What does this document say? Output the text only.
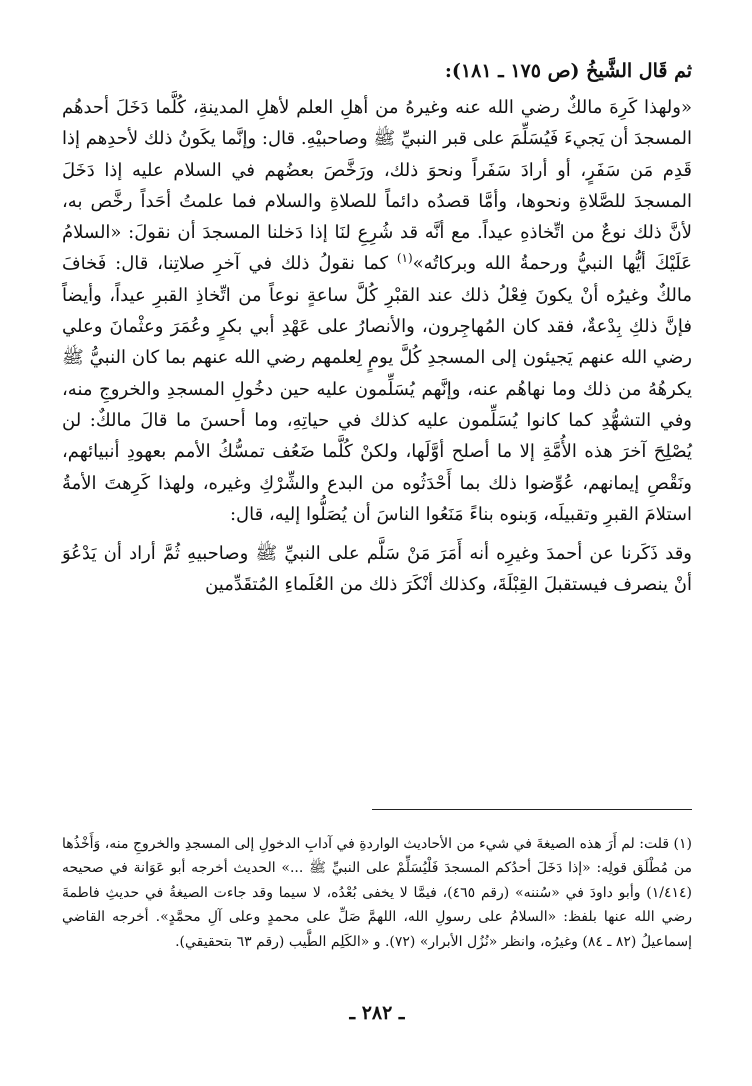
ثم قَال الشَّيخُ (ص ١٧٥ ـ ١٨١):

«ولهذا كَرِهَ مالكٌ رضي الله عنه وغيرهُ من أهلِ العلم لأهلِ المدينةِ، كُلَّما دَخَلَ أحدهُم المسجدَ أن يَجيءَ فَيُسَلِّمَ على قبر النبيِّ ﷺ وصاحبيْهِ. قال: وإنَّما يكَونُ ذلك لأحدِهم إذا قَدِم مَن سَفَرٍ، أو أرادَ سَفَراً ونحوَ ذلك، ورَخَّصَ بعضُهم في السلام عليه إذا دَخَلَ المسجدَ للصَّلاةِ ونحوها، وأمَّا قصدُه دائماً للصلاةِ والسلام فما علمتُ أحَداً رخَّص به، لأنَّ ذلك نوعٌ من اتِّخاذهِ عيداً. مع أنَّه قد شُرِعِ لنَا إذا دَخلنا المسجدَ أن نقولَ: «السلامُ عَلَيْكَ أيُّها النبيُّ ورحمةُ الله وبركاتُه»$^{(١)}$ كما نقولُ ذلك في آخرِ صلاتِنا، قال: فَخافَ مالكٌ وغيرُه أنْ يكونَ فِعْلُ ذلك عند القبْرِ كُلَّ ساعةٍ نوعاً من اتِّخاذِ القبرِ عيداً، وأيضاً فإنَّ ذلكِ بِدْعةٌ، فقد كان المُهاجِرون، والأنصارُ على عَهْدِ أبي بكرٍ وعُمَرَ وعثْمانَ وعلي رضي الله عنهم يَجيئون إلى المسجدِ كُلَّ يومٍ لِعلمهم رضي الله عنهم بما كان النبيُّ ﷺ يكرهُهُ من ذلك وما نهاهُم عنه، وإنَّهم يُسَلِّمون عليه حين دخُولِ المسجدِ والخروجِ منه، وفي التشهُّدِ كما كانوا يُسَلِّمون عليه كذلك في حياتِهِ، وما أحسنَ ما قالَ مالكٌ: لن يُصْلِحَ آخرَ هذه الأُمَّةِ إلا ما أصلح أوَّلَها، ولكنْ كُلَّما ضَعُف تمسُّكُ الأمم بعهودِ أنبيائهم، ونَقْصِ إيمانهم، عُوِّضوا ذلك بما أَحْدَثُوه من البدع والشِّرْكِ وغيره، ولهذا كَرِهتَ الأمةُ استلامَ القبرِ وتقبيلَه، وَبنوه بناءً مَنَعُوا الناسَ أن يُصَلُّوا إليه، قال:

وقد ذَكَرنا عن أحمدَ وغيرِه أنه أَمَرَ مَنْ سَلَّم على النبيِّ ﷺ وصاحبيهِ ثُمَّ أراد أن يَدْعُوَ أنْ ينصرف فيستقبلَ القِبْلَةَ، وكذلك أنْكَرَ ذلك من العُلَماءِ المُتقَدِّمين

(١) قلت: لم أَرَ هذه الصيغةَ في شيء من الأحاديث الواردةِ في آدابِ الدخولِ إلى المسجدِ والخروجِ منه، وَأَخْذُها من مُطْلَق قولِه: «إذا دَخَلَ أحدُكم المسجدَ فَلْيُسَلِّمْ على النبيِّ ﷺ ...» الحديث أخرجه أبو عَوَانة في صحيحه (١/٤١٤) وأبو داودَ في «سُننه» (رقم ٤٦٥)، فيمَّا لا يخفى بُعْدُه، لا سيما وقد جاءت الصيغةُ في حديثِ فاطمةَ رضي الله عنها بلفظ: «السلامُ على رسولِ الله، اللهمَّ صَلِّ على محمدٍ وعلى آلِ محمَّدٍ». أخرجه القاضي إسماعيلُ (٨٢ ـ ٨٤) وغيرُه، وانظر «نُزُل الأبرار» (٧٢). و «الكَلِم الطَّيب (رقم ٦٣ بتحقيقي).

ـ ٢٨٢ ـ
